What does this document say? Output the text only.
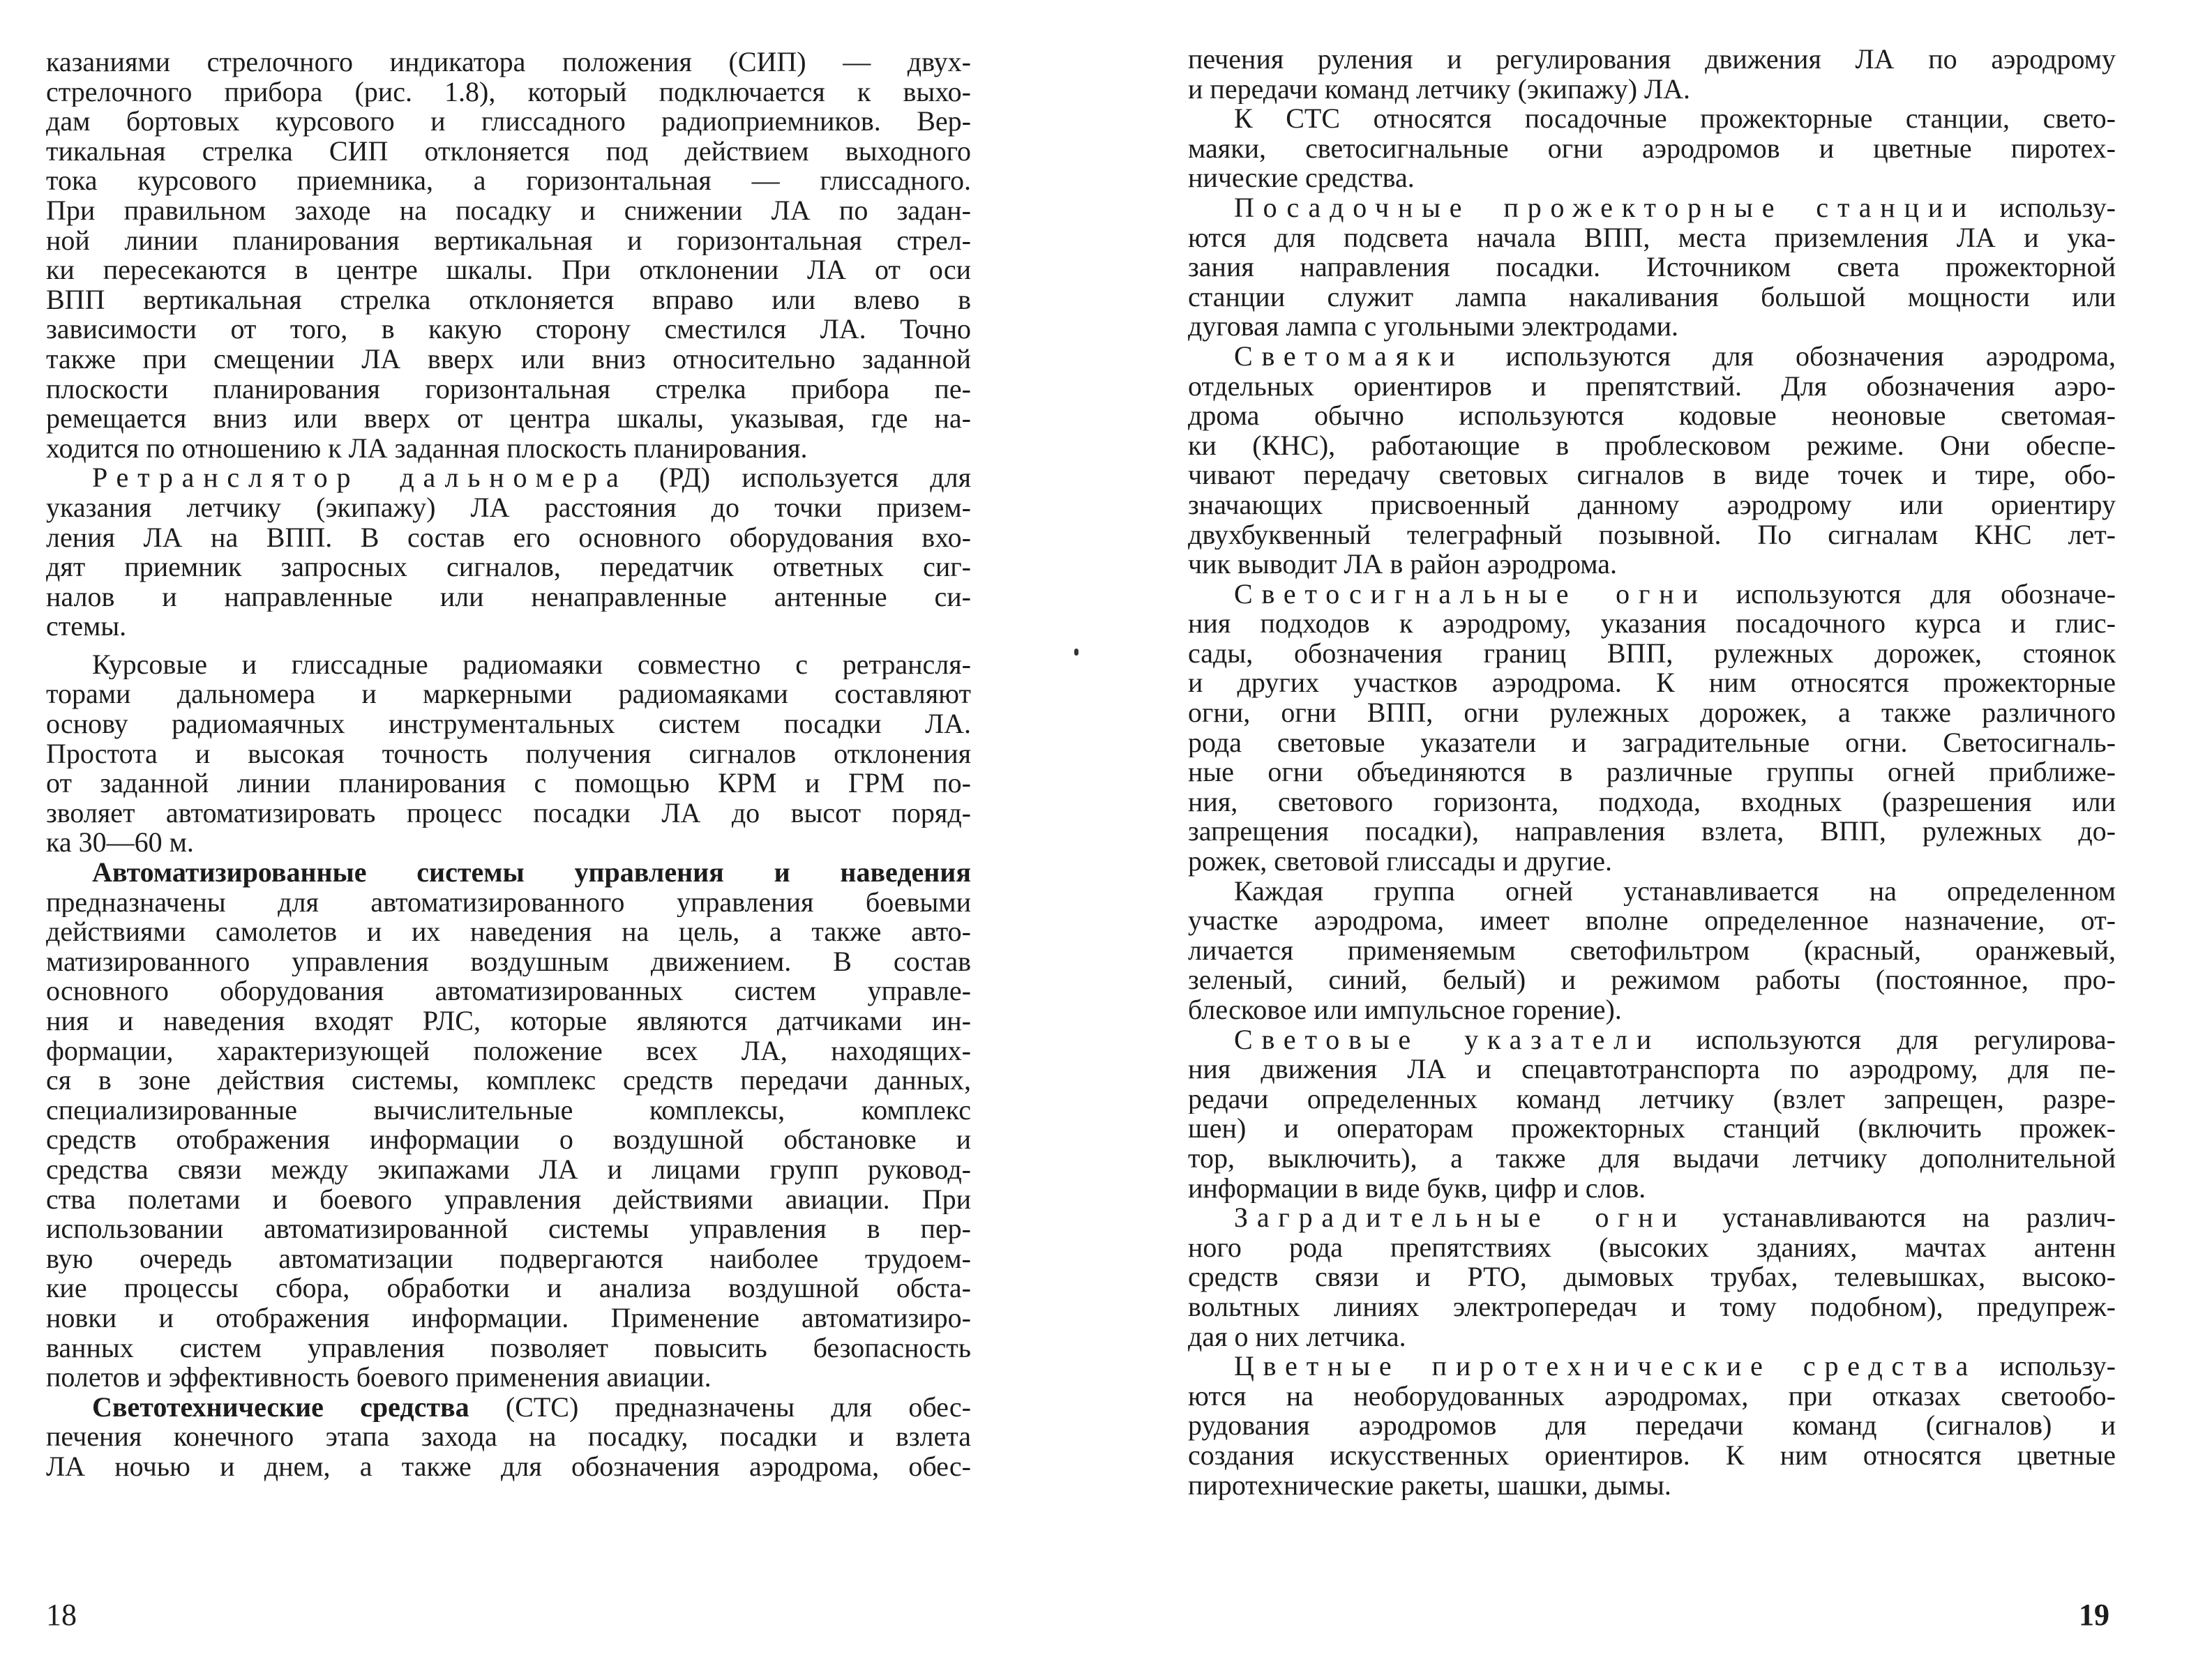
казаниями стрелочного индикатора положения (СИП) — двух-
стрелочного прибора (рис. 1.8), который подключается к выхо-
дам бортовых курсового и глиссадного радиоприемников. Вер-
тикальная стрелка СИП отклоняется под действием выходного
тока курсового приемника, а горизонтальная — глиссадного.
При правильном заходе на посадку и снижении ЛА по задан-
ной линии планирования вертикальная и горизонтальная стрел-
ки пересекаются в центре шкалы. При отклонении ЛА от оси
ВПП вертикальная стрелка отклоняется вправо или влево в
зависимости от того, в какую сторону сместился ЛА. Точно
также при смещении ЛА вверх или вниз относительно заданной
плоскости планирования горизонтальная стрелка прибора пе-
ремещается вниз или вверх от центра шкалы, указывая, где на-
ходится по отношению к ЛА заданная плоскость планирования.
Ретранслятор дальномера (РД) используется для
указания летчику (экипажу) ЛА расстояния до точки призем-
ления ЛА на ВПП. В состав его основного оборудования вхо-
дят приемник запросных сигналов, передатчик ответных сиг-
налов и направленные или ненаправленные антенные си-
стемы.
Курсовые и глиссадные радиомаяки совместно с ретрансля-
торами дальномера и маркерными радиомаяками составляют
основу радиомаячных инструментальных систем посадки ЛА.
Простота и высокая точность получения сигналов отклонения
от заданной линии планирования с помощью КРМ и ГРМ по-
зволяет автоматизировать процесс посадки ЛА до высот поряд-
ка 30—60 м.
Автоматизированные системы управления и наведения
предназначены для автоматизированного управления боевыми
действиями самолетов и их наведения на цель, а также авто-
матизированного управления воздушным движением. В состав
основного оборудования автоматизированных систем управле-
ния и наведения входят РЛС, которые являются датчиками ин-
формации, характеризующей положение всех ЛА, находящих-
ся в зоне действия системы, комплекс средств передачи данных,
специализированные вычислительные комплексы, комплекс
средств отображения информации о воздушной обстановке и
средства связи между экипажами ЛА и лицами групп руковод-
ства полетами и боевого управления действиями авиации. При
использовании автоматизированной системы управления в пер-
вую очередь автоматизации подвергаются наиболее трудоем-
кие процессы сбора, обработки и анализа воздушной обста-
новки и отображения информации. Применение автоматизиро-
ванных систем управления позволяет повысить безопасность
полетов и эффективность боевого применения авиации.
Светотехнические средства (СТС) предназначены для обес-
печения конечного этапа захода на посадку, посадки и взлета
ЛА ночью и днем, а также для обозначения аэродрома, обес-
18
печения руления и регулирования движения ЛА по аэродрому
и передачи команд летчику (экипажу) ЛА.
К СТС относятся посадочные прожекторные станции, свето-
маяки, светосигнальные огни аэродромов и цветные пиротех-
нические средства.
Посадочные прожекторные станции использу-
ются для подсвета начала ВПП, места приземления ЛА и ука-
зания направления посадки. Источником света прожекторной
станции служит лампа накаливания большой мощности или
дуговая лампа с угольными электродами.
Светомаяки используются для обозначения аэродрома,
отдельных ориентиров и препятствий. Для обозначения аэро-
дрома обычно используются кодовые неоновые светомая-
ки (КНС), работающие в проблесковом режиме. Они обеспе-
чивают передачу световых сигналов в виде точек и тире, обо-
значающих присвоенный данному аэродрому или ориентиру
двухбуквенный телеграфный позывной. По сигналам КНС лет-
чик выводит ЛА в район аэродрома.
Светосигнальные огни используются для обозначе-
ния подходов к аэродрому, указания посадочного курса и глис-
сады, обозначения границ ВПП, рулежных дорожек, стоянок
и других участков аэродрома. К ним относятся прожекторные
огни, огни ВПП, огни рулежных дорожек, а также различного
рода световые указатели и заградительные огни. Светосигналь-
ные огни объединяются в различные группы огней приближе-
ния, светового горизонта, подхода, входных (разрешения или
запрещения посадки), направления взлета, ВПП, рулежных до-
рожек, световой глиссады и другие.
Каждая группа огней устанавливается на определенном
участке аэродрома, имеет вполне определенное назначение, от-
личается применяемым светофильтром (красный, оранжевый,
зеленый, синий, белый) и режимом работы (постоянное, про-
блесковое или импульсное горение).
Световые указатели используются для регулирова-
ния движения ЛА и спецавтотранспорта по аэродрому, для пе-
редачи определенных команд летчику (взлет запрещен, разре-
шен) и операторам прожекторных станций (включить прожек-
тор, выключить), а также для выдачи летчику дополнительной
информации в виде букв, цифр и слов.
Заградительные огни устанавливаются на различ-
ного рода препятствиях (высоких зданиях, мачтах антенн
средств связи и РТО, дымовых трубах, телевышках, высоко-
вольтных линиях электропередач и тому подобном), предупреж-
дая о них летчика.
Цветные пиротехнические средства использу-
ются на необорудованных аэродромах, при отказах светообо-
рудования аэродромов для передачи команд (сигналов) и
создания искусственных ориентиров. К ним относятся цветные
пиротехнические ракеты, шашки, дымы.
19
